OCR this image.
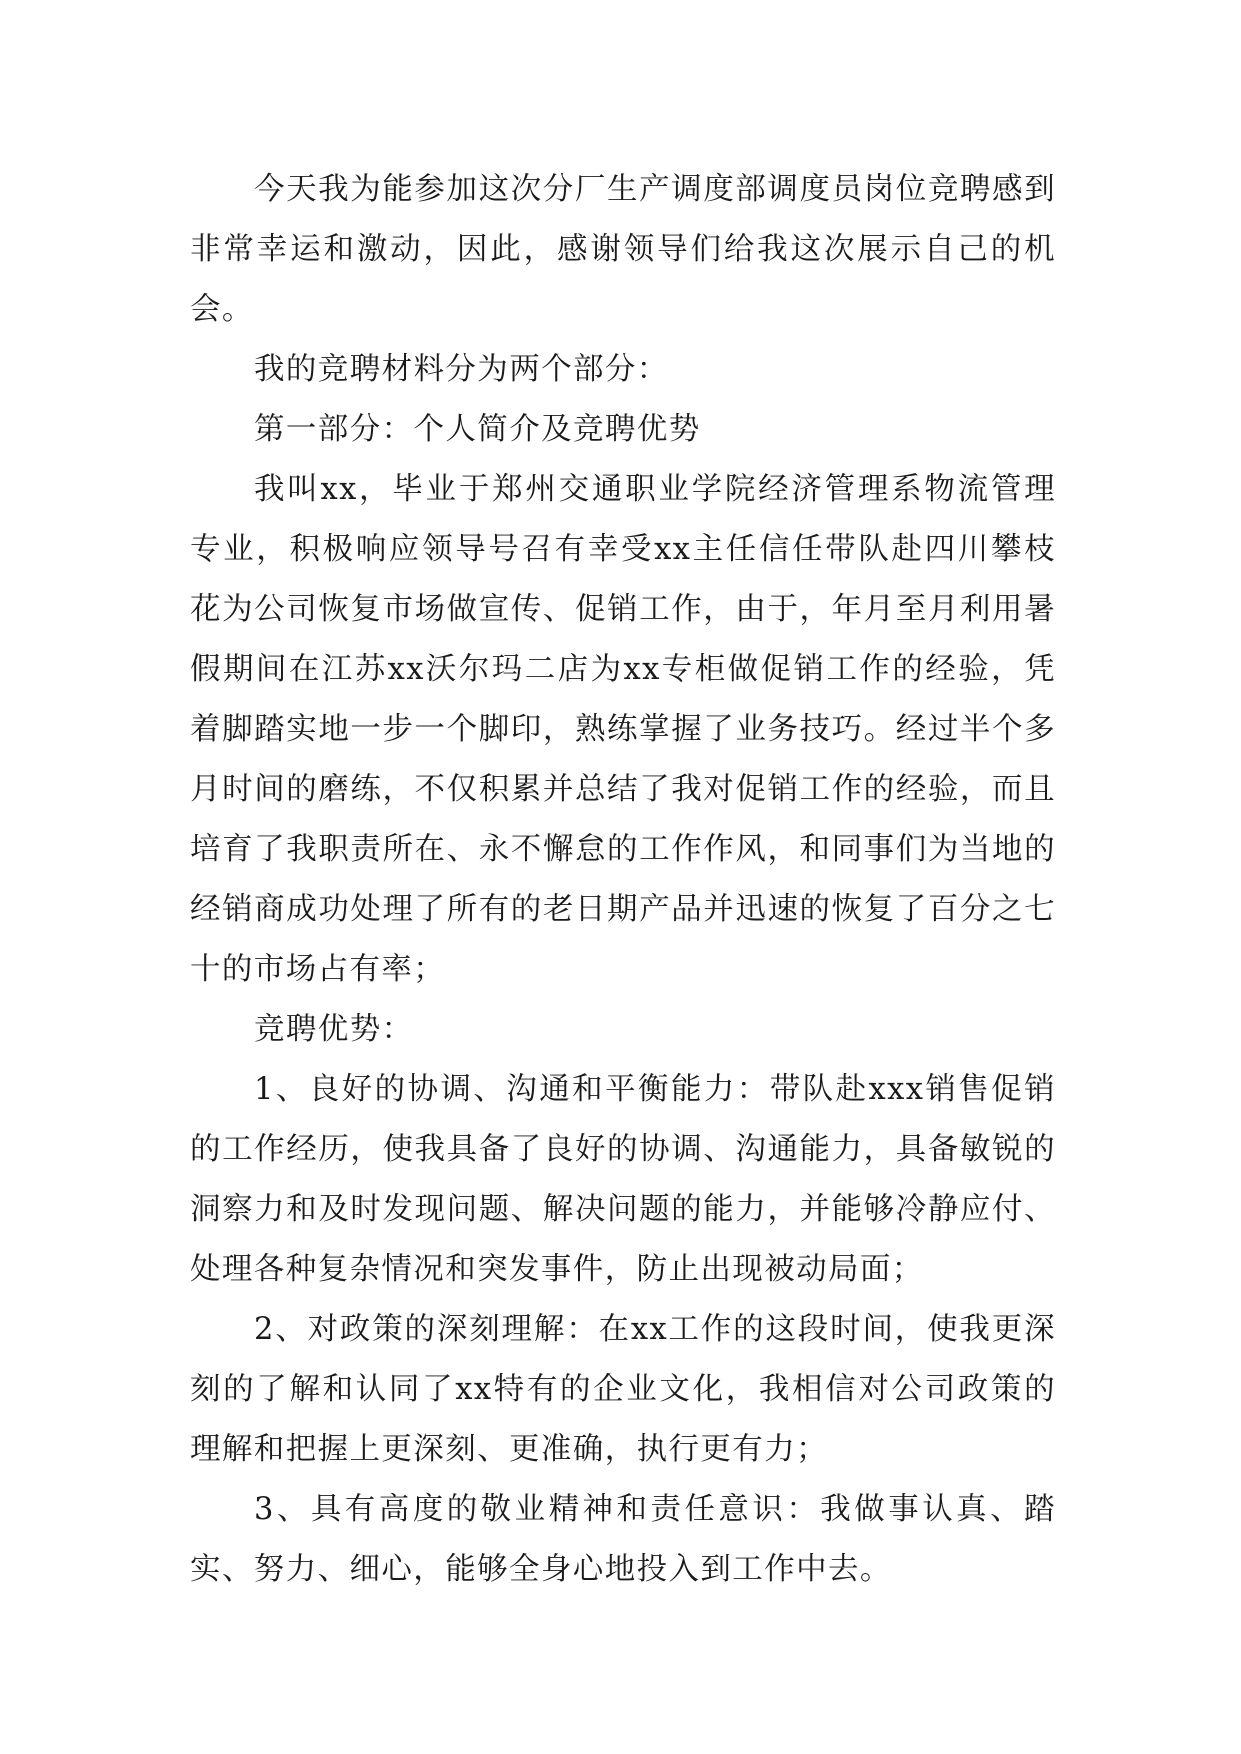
今天我为能参加这次分厂生产调度部调度员岗位竞聘感到非常幸运和激动，因此，感谢领导们给我这次展示自己的机会。

我的竞聘材料分为两个部分：

第一部分：个人简介及竞聘优势

我叫xx，毕业于郑州交通职业学院经济管理系物流管理专业，积极响应领导号召有幸受xx主任信任带队赴四川攀枝花为公司恢复市场做宣传、促销工作，由于，年月至月利用暑假期间在江苏xx沃尔玛二店为xx专柜做促销工作的经验，凭着脚踏实地一步一个脚印，熟练掌握了业务技巧。经过半个多月时间的磨练，不仅积累并总结了我对促销工作的经验，而且培育了我职责所在、永不懈怠的工作作风，和同事们为当地的经销商成功处理了所有的老日期产品并迅速的恢复了百分之七十的市场占有率；

竞聘优势：

1、良好的协调、沟通和平衡能力：带队赴xxx销售促销的工作经历，使我具备了良好的协调、沟通能力，具备敏锐的洞察力和及时发现问题、解决问题的能力，并能够冷静应付、处理各种复杂情况和突发事件，防止出现被动局面；

2、对政策的深刻理解：在xx工作的这段时间，使我更深刻的了解和认同了xx特有的企业文化，我相信对公司政策的理解和把握上更深刻、更准确，执行更有力；

3、具有高度的敬业精神和责任意识：我做事认真、踏实、努力、细心，能够全身心地投入到工作中去。
